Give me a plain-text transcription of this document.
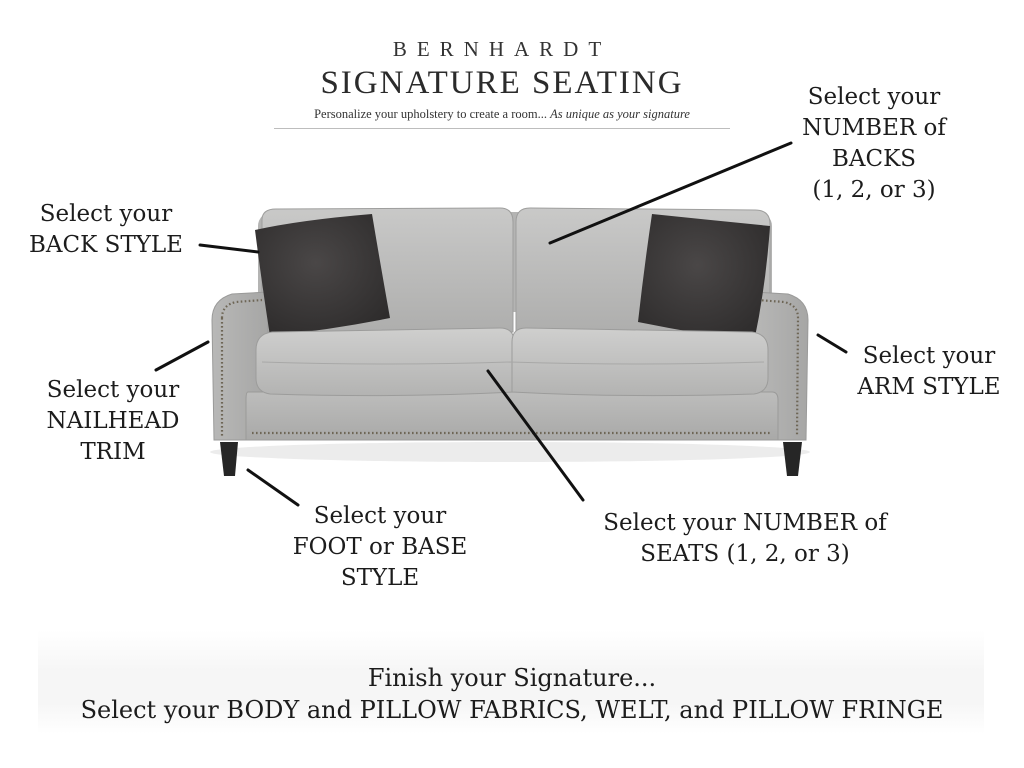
BERNHARDT
SIGNATURE SEATING
Personalize your upholstery to create a room... As unique as your signature
Select your
NUMBER of
BACKS
(1, 2, or 3)
Select your
BACK STYLE
Select your
ARM STYLE
Select your
NAILHEAD
TRIM
Select your
FOOT or BASE
STYLE
Select your NUMBER of
SEATS (1, 2, or 3)
Finish your Signature...
Select your BODY and PILLOW FABRICS, WELT, and PILLOW FRINGE
